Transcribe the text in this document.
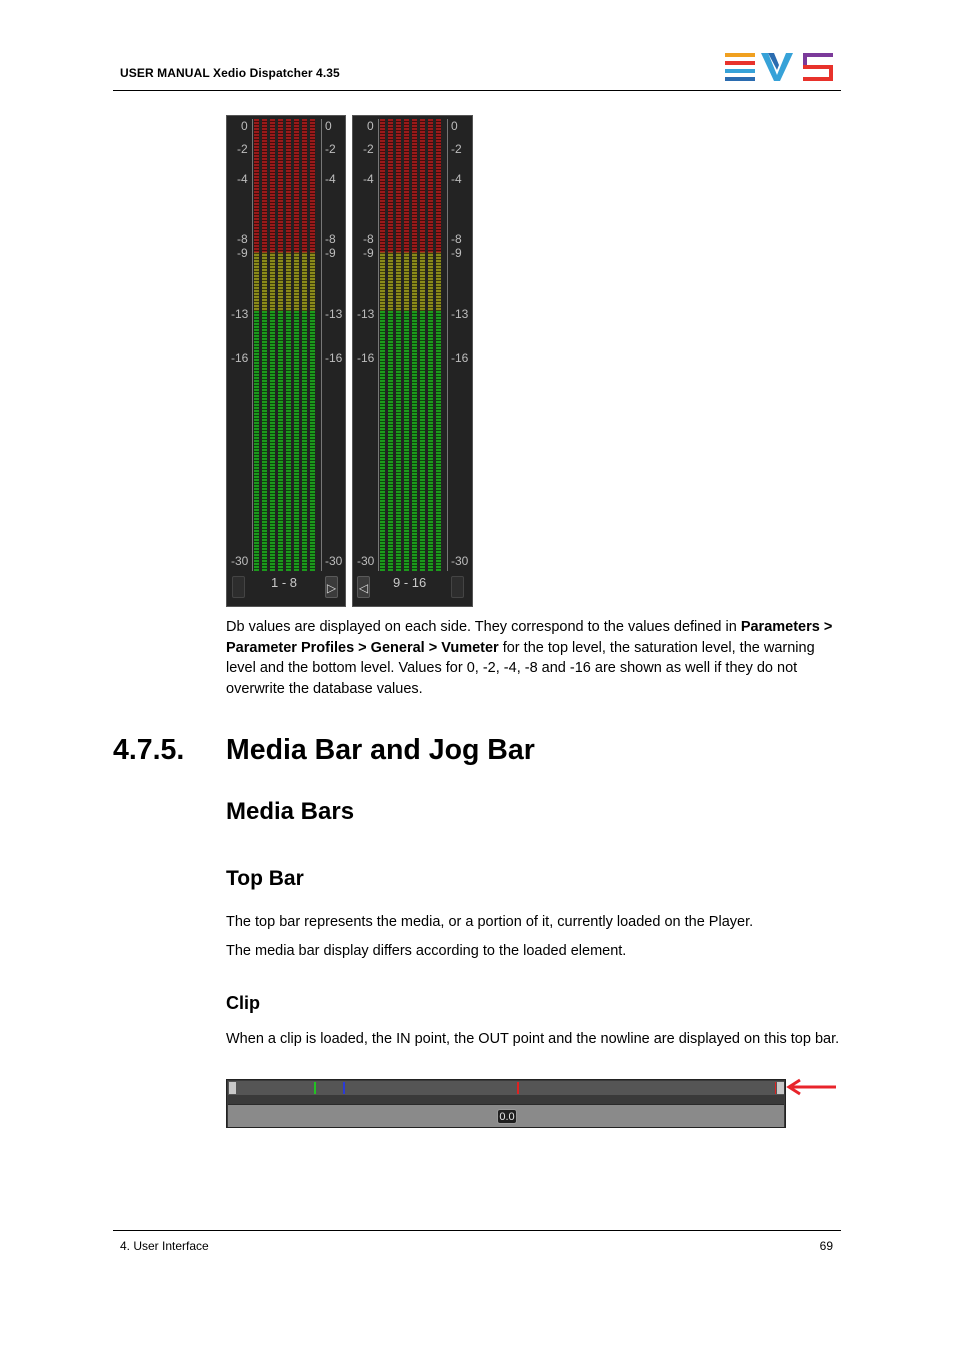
USER MANUAL Xedio Dispatcher 4.35
0
-2
-4
-8
-9
-13
-16
-30
0
-2
-4
-8
-9
-13
-16
-30
1 - 8 ▷
0
-2
-4
-8
-9
-13
-16
-30
0
-2
-4
-8
-9
-13
-16
-30
◁ 9 - 16
Db values are displayed on each side. They correspond to the values defined in Parameters > Parameter Profiles > General > Vumeter for the top level, the saturation level, the warning level and the bottom level. Values for 0, -2, -4, -8 and -16 are shown as well if they do not overwrite the database values.
4.7.5. Media Bar and Jog Bar
Media Bars
Top Bar
The top bar represents the media, or a portion of it, currently loaded on the Player.
The media bar display differs according to the loaded element.
Clip
When a clip is loaded, the IN point, the OUT point and the nowline are displayed on this top bar.
0.0
4. User Interface	69
